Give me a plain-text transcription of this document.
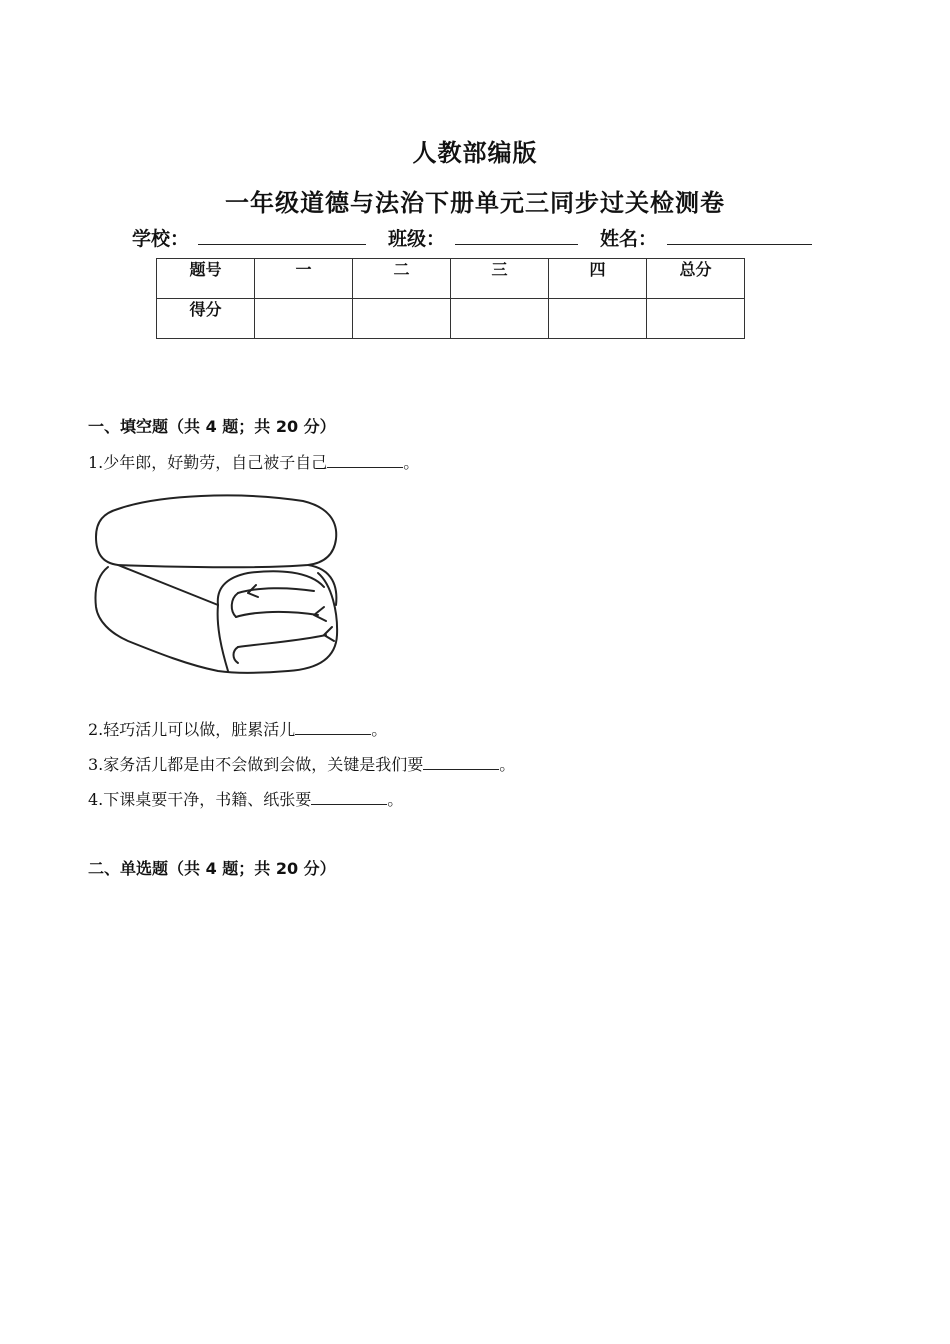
人教部编版
一年级道德与法治下册单元三同步过关检测卷
学校：	班级：	姓名：
题号	一	二	三	四	总分
得分					
一、填空题（共 4 题；共 20 分）
1.少年郎，好勤劳，自己被子自己	。
2.轻巧活儿可以做，脏累活儿	。
3.家务活儿都是由不会做到会做，关键是我们要	。
4.下课桌要干净，书籍、纸张要	。
二、单选题（共 4 题；共 20 分）
